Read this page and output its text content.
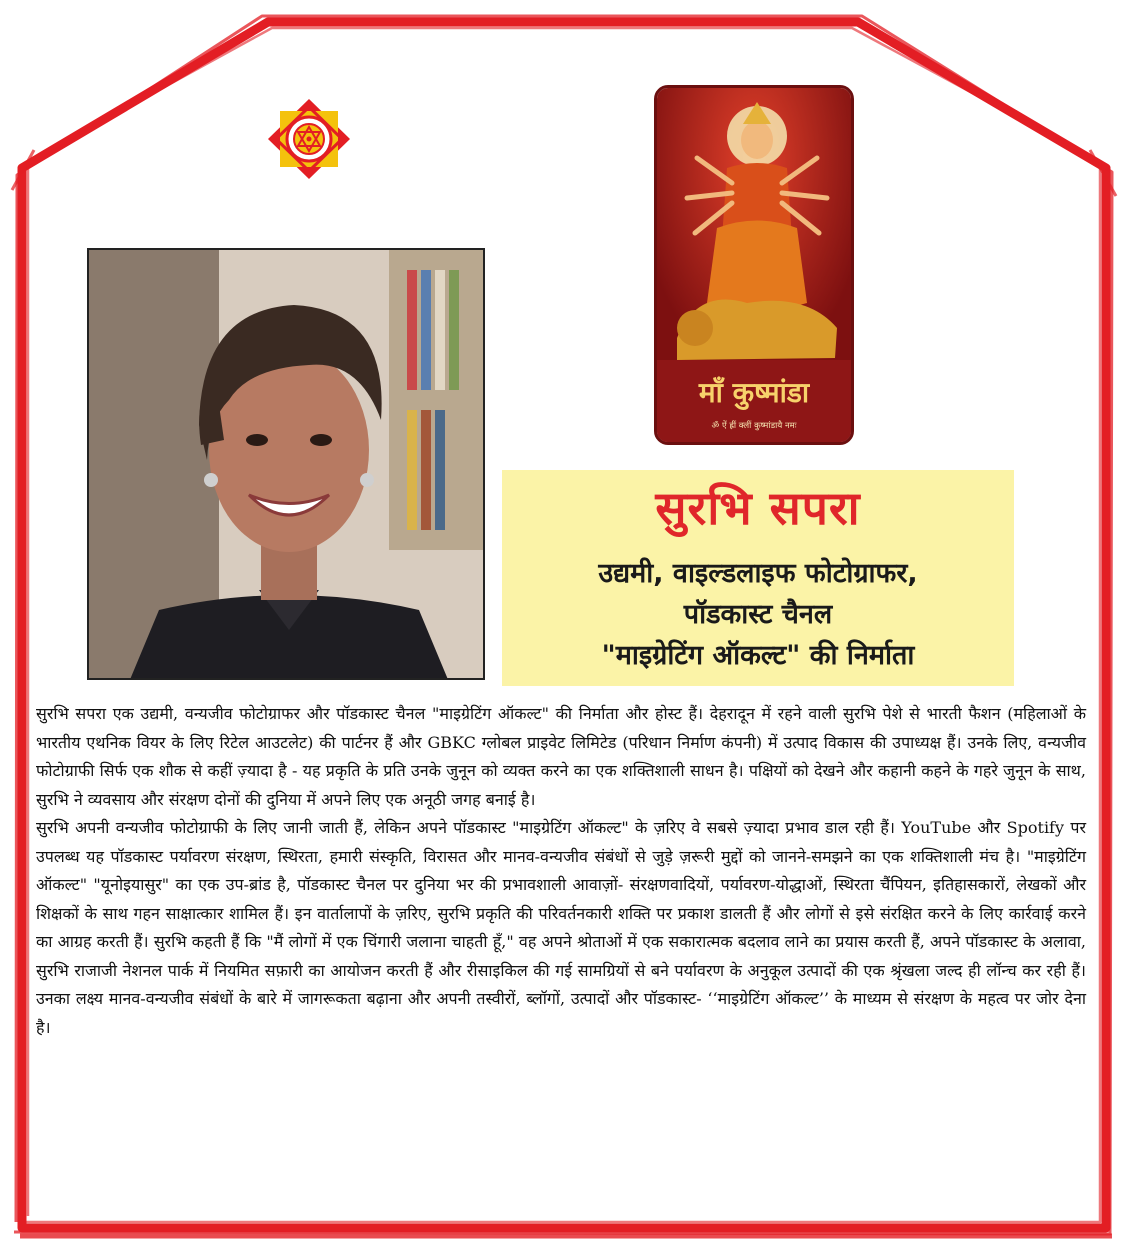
माँ कुष्मांडा
ॐ ऐं ह्रीं क्लीं कुष्मांडायै नमः
सुरभि सपरा
उद्यमी, वाइल्डलाइफ फोटोग्राफर,
पॉडकास्ट चैनल
"माइग्रेटिंग ऑकल्ट" की निर्माता

सुरभि सपरा एक उद्यमी, वन्यजीव फोटोग्राफर और पॉडकास्ट चैनल "माइग्रेटिंग ऑकल्ट" की निर्माता और होस्ट हैं। देहरादून में रहने वाली सुरभि पेशे से भारती फैशन (महिलाओं के भारतीय एथनिक वियर के लिए रिटेल आउटलेट) की पार्टनर हैं और GBKC ग्लोबल प्राइवेट लिमिटेड (परिधान निर्माण कंपनी) में उत्पाद विकास की उपाध्यक्ष हैं। उनके लिए, वन्यजीव फोटोग्राफी सिर्फ एक शौक से कहीं ज़्यादा है - यह प्रकृति के प्रति उनके जुनून को व्यक्त करने का एक शक्तिशाली साधन है। पक्षियों को देखने और कहानी कहने के गहरे जुनून के साथ, सुरभि ने व्यवसाय और संरक्षण दोनों की दुनिया में अपने लिए एक अनूठी जगह बनाई है।

सुरभि अपनी वन्यजीव फोटोग्राफी के लिए जानी जाती हैं, लेकिन अपने पॉडकास्ट "माइग्रेटिंग ऑकल्ट" के ज़रिए वे सबसे ज़्यादा प्रभाव डाल रही हैं। YouTube और Spotify पर उपलब्ध यह पॉडकास्ट पर्यावरण संरक्षण, स्थिरता, हमारी संस्कृति, विरासत और मानव-वन्यजीव संबंधों से जुड़े ज़रूरी मुद्दों को जानने-समझने का एक शक्तिशाली मंच है। "माइग्रेटिंग ऑकल्ट" "यूनोइयासुर" का एक उप-ब्रांड है, पॉडकास्ट चैनल पर दुनिया भर की प्रभावशाली आवाज़ों- संरक्षणवादियों, पर्यावरण-योद्धाओं, स्थिरता चैंपियन, इतिहासकारों, लेखकों और शिक्षकों के साथ गहन साक्षात्कार शामिल हैं। इन वार्तालापों के ज़रिए, सुरभि प्रकृति की परिवर्तनकारी शक्ति पर प्रकाश डालती हैं और लोगों से इसे संरक्षित करने के लिए कार्रवाई करने का आग्रह करती हैं। सुरभि कहती हैं कि "मैं लोगों में एक चिंगारी जलाना चाहती हूँ," वह अपने श्रोताओं में एक सकारात्मक बदलाव लाने का प्रयास करती हैं, अपने पॉडकास्ट के अलावा, सुरभि राजाजी नेशनल पार्क में नियमित सफ़ारी का आयोजन करती हैं और रीसाइकिल की गई सामग्रियों से बने पर्यावरण के अनुकूल उत्पादों की एक श्रृंखला जल्द ही लॉन्च कर रही हैं। उनका लक्ष्य मानव-वन्यजीव संबंधों के बारे में जागरूकता बढ़ाना और अपनी तस्वीरों, ब्लॉगों, उत्पादों और पॉडकास्ट- ‘‘माइग्रेटिंग ऑकल्ट’’ के माध्यम से संरक्षण के महत्व पर जोर देना है।
